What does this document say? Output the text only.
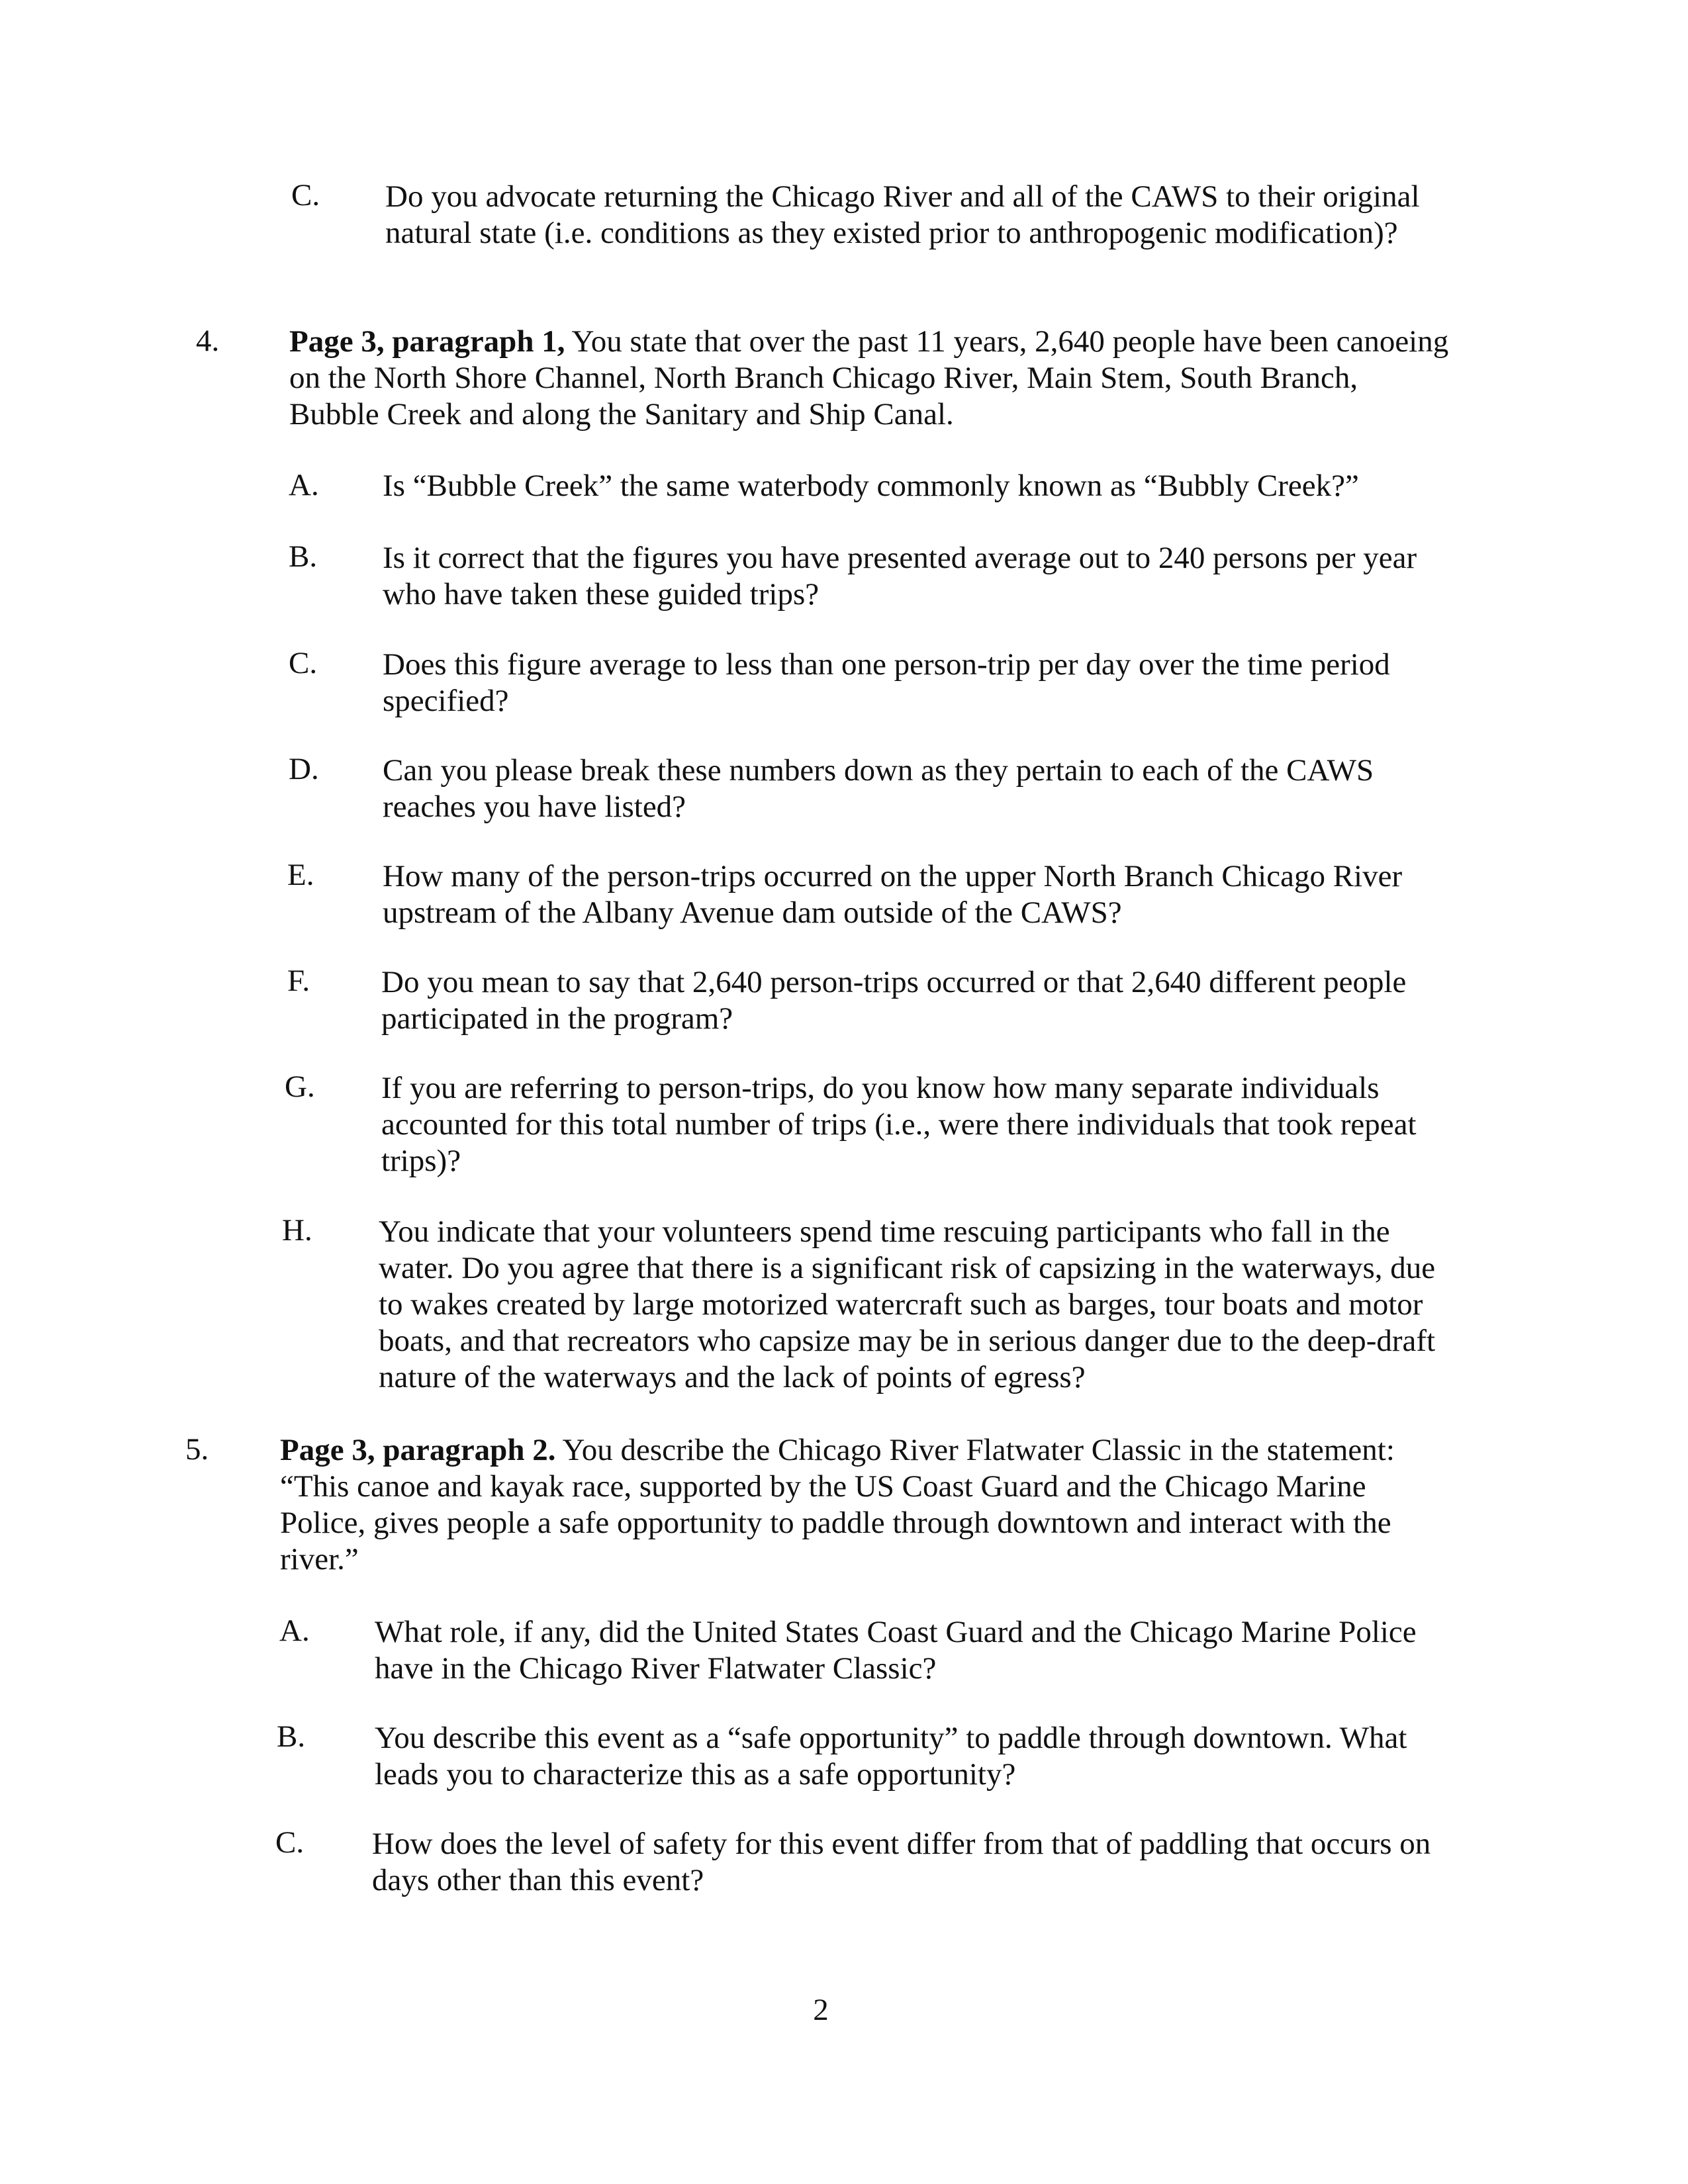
C. Do you advocate returning the Chicago River and all of the CAWS to their original natural state (i.e. conditions as they existed prior to anthropogenic modification)?
4. Page 3, paragraph 1, You state that over the past 11 years, 2,640 people have been canoeing on the North Shore Channel, North Branch Chicago River, Main Stem, South Branch, Bubble Creek and along the Sanitary and Ship Canal.
A. Is “Bubble Creek” the same waterbody commonly known as “Bubbly Creek?”
B. Is it correct that the figures you have presented average out to 240 persons per year who have taken these guided trips?
C. Does this figure average to less than one person-trip per day over the time period specified?
D. Can you please break these numbers down as they pertain to each of the CAWS reaches you have listed?
E. How many of the person-trips occurred on the upper North Branch Chicago River upstream of the Albany Avenue dam outside of the CAWS?
F. Do you mean to say that 2,640 person-trips occurred or that 2,640 different people participated in the program?
G. If you are referring to person-trips, do you know how many separate individuals accounted for this total number of trips (i.e., were there individuals that took repeat trips)?
H. You indicate that your volunteers spend time rescuing participants who fall in the water. Do you agree that there is a significant risk of capsizing in the waterways, due to wakes created by large motorized watercraft such as barges, tour boats and motor boats, and that recreators who capsize may be in serious danger due to the deep-draft nature of the waterways and the lack of points of egress?
5. Page 3, paragraph 2. You describe the Chicago River Flatwater Classic in the statement: “This canoe and kayak race, supported by the US Coast Guard and the Chicago Marine Police, gives people a safe opportunity to paddle through downtown and interact with the river.”
A. What role, if any, did the United States Coast Guard and the Chicago Marine Police have in the Chicago River Flatwater Classic?
B. You describe this event as a “safe opportunity” to paddle through downtown. What leads you to characterize this as a safe opportunity?
C. How does the level of safety for this event differ from that of paddling that occurs on days other than this event?
2
